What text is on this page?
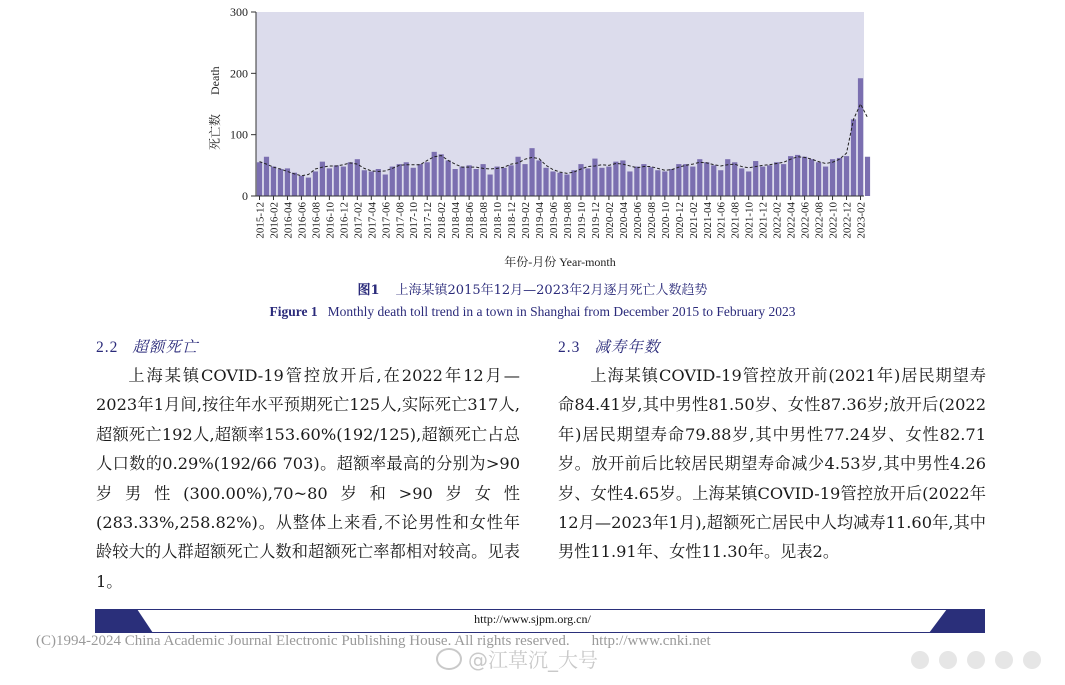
0
100
200
300
2015-12 2016-02 2016-04 2016-06 2016-08 2016-10 2016-12 2017-02 2017-04 2017-06 2017-08 2017-10 2017-12 2018-02 2018-04 2018-06 2018-08 2018-10 2018-12 2019-02 2019-04 2019-06 2019-08 2019-10 2019-12 2020-02 2020-04 2020-06 2020-08 2020-10 2020-12 2021-02 2021-04 2021-06 2021-08 2021-10 2021-12 2022-02 2022-04 2022-06 2022-08 2022-10 2022-12 2023-02
死亡数
Death
年份-月份 Year-month
图1 上海某镇2015年12月—2023年2月逐月死亡人数趋势
Figure 1 Monthly death toll trend in a town in Shanghai from December 2015 to February 2023
2.2 超额死亡

上海某镇COVID-19管控放开后,在2022年12月—2023年1月间,按往年水平预期死亡125人,实际死亡317人,超额死亡192人,超额率153.60%(192/125),超额死亡占总人口数的0.29%(192/66 703)。超额率最高的分别为>90岁男性(300.00%),70~80岁和>90岁女性(283.33%,258.82%)。从整体上来看,不论男性和女性年龄较大的人群超额死亡人数和超额死亡率都相对较高。见表1。

2.3 减寿年数

上海某镇COVID-19管控放开前(2021年)居民期望寿命84.41岁,其中男性81.50岁、女性87.36岁;放开后(2022年)居民期望寿命79.88岁,其中男性77.24岁、女性82.71岁。放开前后比较居民期望寿命减少4.53岁,其中男性4.26岁、女性4.65岁。上海某镇COVID-19管控放开后(2022年12月—2023年1月),超额死亡居民中人均减寿11.60年,其中男性11.91年、女性11.30年。见表2。

http://www.sjpm.org.cn/
(C)1994-2024 China Academic Journal Electronic Publishing House. All rights reserved. http://www.cnki.net
@江草沉_大号
